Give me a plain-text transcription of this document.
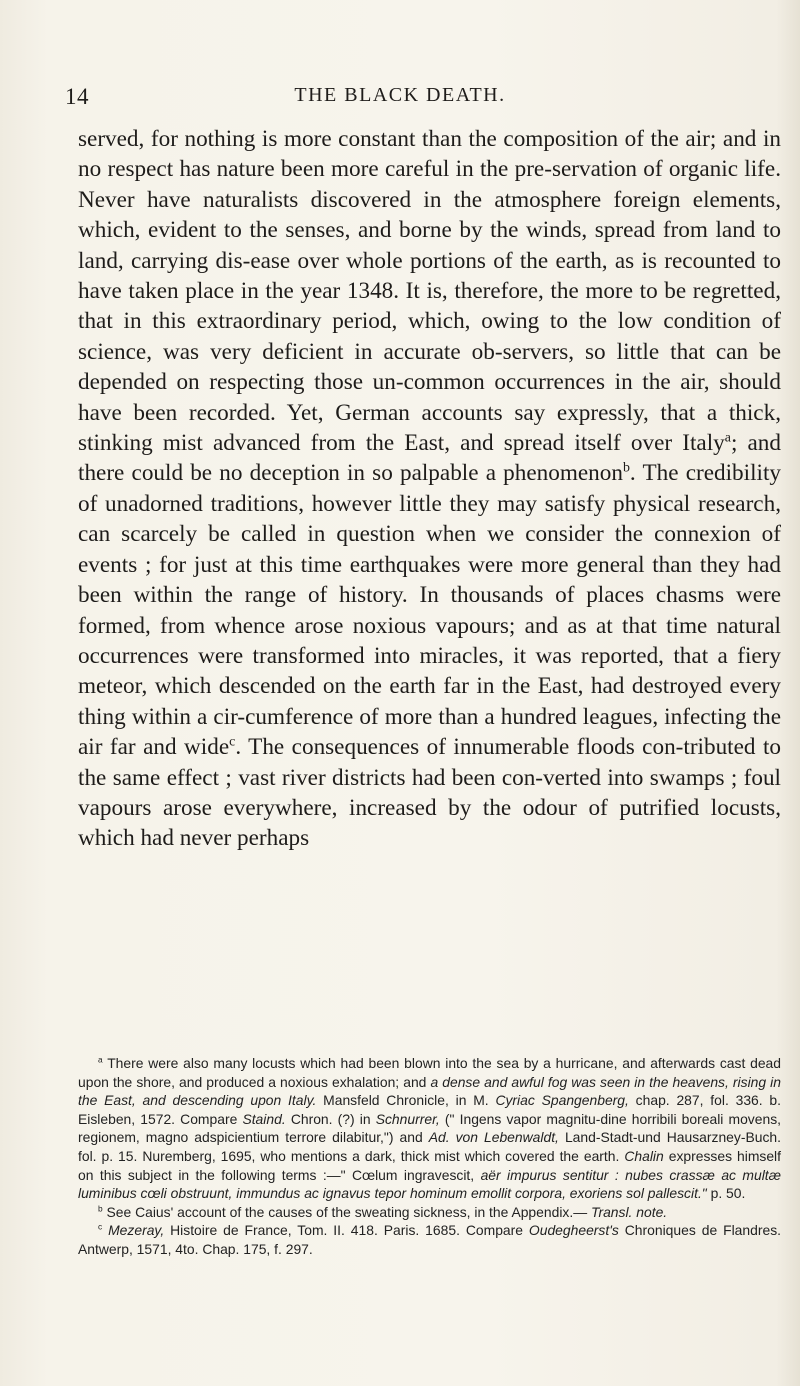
14	THE BLACK DEATH.

served, for nothing is more constant than the composition of the air; and in no respect has nature been more careful in the pre-servation of organic life. Never have naturalists discovered in the atmosphere foreign elements, which, evident to the senses, and borne by the winds, spread from land to land, carrying dis-ease over whole portions of the earth, as is recounted to have taken place in the year 1348. It is, therefore, the more to be regretted, that in this extraordinary period, which, owing to the low condition of science, was very deficient in accurate ob-servers, so little that can be depended on respecting those un-common occurrences in the air, should have been recorded. Yet, German accounts say expressly, that a thick, stinking mist advanced from the East, and spread itself over Italy$^a$; and there could be no deception in so palpable a phenomenon$^b$. The credibility of unadorned traditions, however little they may satisfy physical research, can scarcely be called in question when we consider the connexion of events ; for just at this time earthquakes were more general than they had been within the range of history. In thousands of places chasms were formed, from whence arose noxious vapours; and as at that time natural occurrences were transformed into miracles, it was reported, that a fiery meteor, which descended on the earth far in the East, had destroyed every thing within a cir-cumference of more than a hundred leagues, infecting the air far and wide$^c$. The consequences of innumerable floods con-tributed to the same effect ; vast river districts had been con-verted into swamps ; foul vapours arose everywhere, increased by the odour of putrified locusts, which had never perhaps

$^a$ There were also many locusts which had been blown into the sea by a hurricane, and afterwards cast dead upon the shore, and produced a noxious exhalation; and a dense and awful fog was seen in the heavens, rising in the East, and descending upon Italy. Mansfeld Chronicle, in M. Cyriac Spangenberg, chap. 287, fol. 336. b. Eisleben, 1572. Compare Staind. Chron. (?) in Schnurrer, (" Ingens vapor magnitu-dine horribili boreali movens, regionem, magno adspicientium terrore dilabitur,") and Ad. von Lebenwaldt, Land-Stadt-und Hausarzney-Buch. fol. p. 15. Nuremberg, 1695, who mentions a dark, thick mist which covered the earth. Chalin expresses himself on this subject in the following terms :—" Cœlum ingravescit, aër impurus sentitur : nubes crassæ ac multæ luminibus cœli obstruunt, immundus ac ignavus tepor hominum emollit corpora, exoriens sol pallescit." p. 50.

$^b$ See Caius' account of the causes of the sweating sickness, in the Appendix.— Transl. note.

$^c$ Mezeray, Histoire de France, Tom. II. 418. Paris. 1685. Compare Oudegheerst's Chroniques de Flandres. Antwerp, 1571, 4to. Chap. 175, f. 297.
